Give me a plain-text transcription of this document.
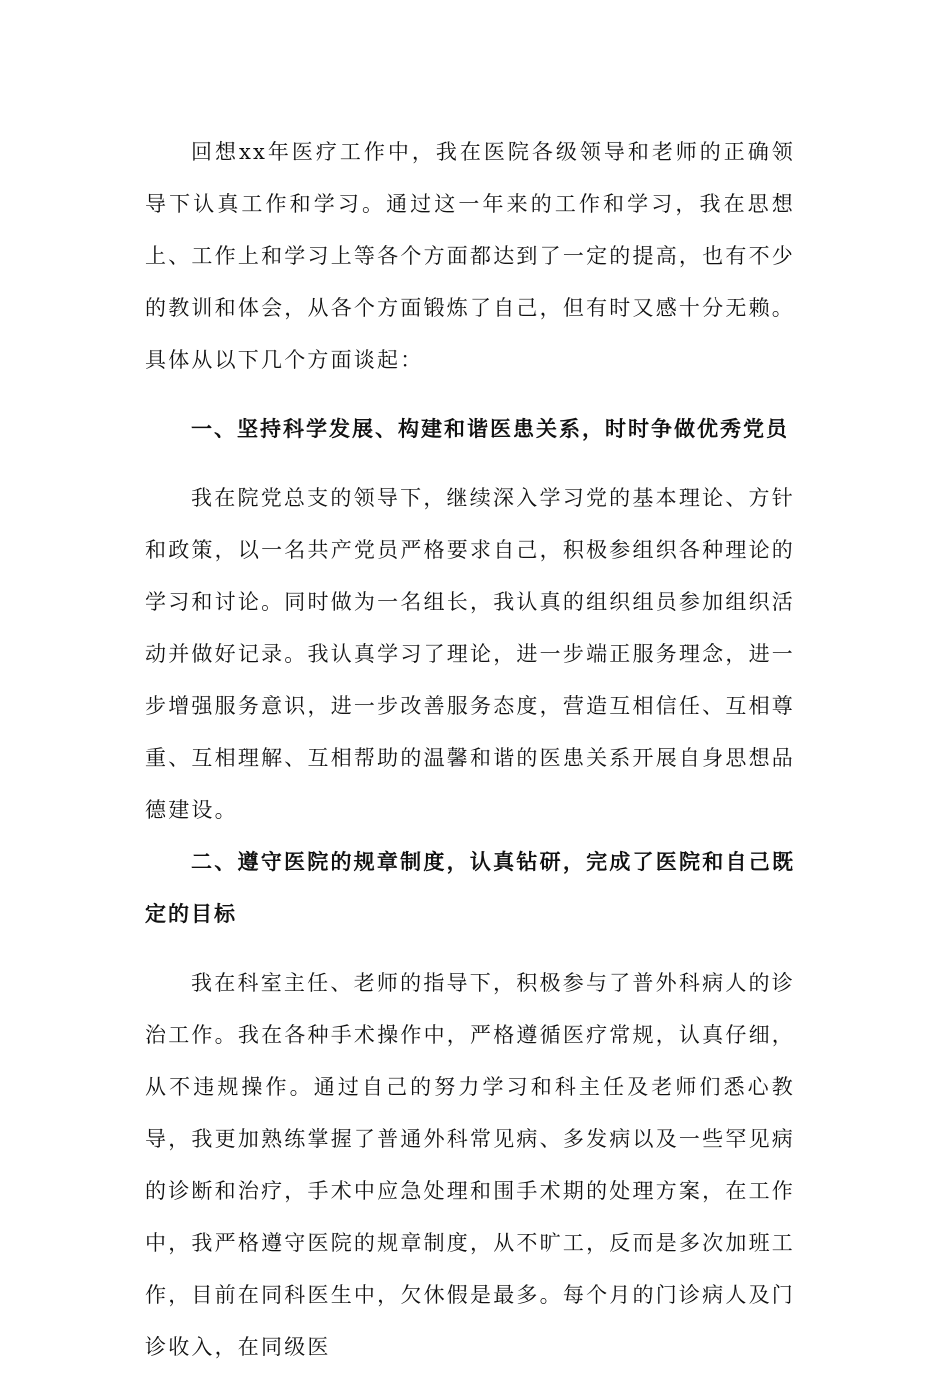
回想xx年医疗工作中，我在医院各级领导和老师的正确领导下认真工作和学习。通过这一年来的工作和学习，我在思想上、工作上和学习上等各个方面都达到了一定的提高，也有不少的教训和体会，从各个方面锻炼了自己，但有时又感十分无赖。具体从以下几个方面谈起：

一、坚持科学发展、构建和谐医患关系，时时争做优秀党员

我在院党总支的领导下，继续深入学习党的基本理论、方针和政策，以一名共产党员严格要求自己，积极参组织各种理论的学习和讨论。同时做为一名组长，我认真的组织组员参加组织活动并做好记录。我认真学习了理论，进一步端正服务理念，进一步增强服务意识，进一步改善服务态度，营造互相信任、互相尊重、互相理解、互相帮助的温馨和谐的医患关系开展自身思想品德建设。

二、遵守医院的规章制度，认真钻研，完成了医院和自己既定的目标

我在科室主任、老师的指导下，积极参与了普外科病人的诊治工作。我在各种手术操作中，严格遵循医疗常规，认真仔细，从不违规操作。通过自己的努力学习和科主任及老师们悉心教导，我更加熟练掌握了普通外科常见病、多发病以及一些罕见病的诊断和治疗，手术中应急处理和围手术期的处理方案，在工作中，我严格遵守医院的规章制度，从不旷工，反而是多次加班工作，目前在同科医生中，欠休假是最多。每个月的门诊病人及门诊收入，在同级医
